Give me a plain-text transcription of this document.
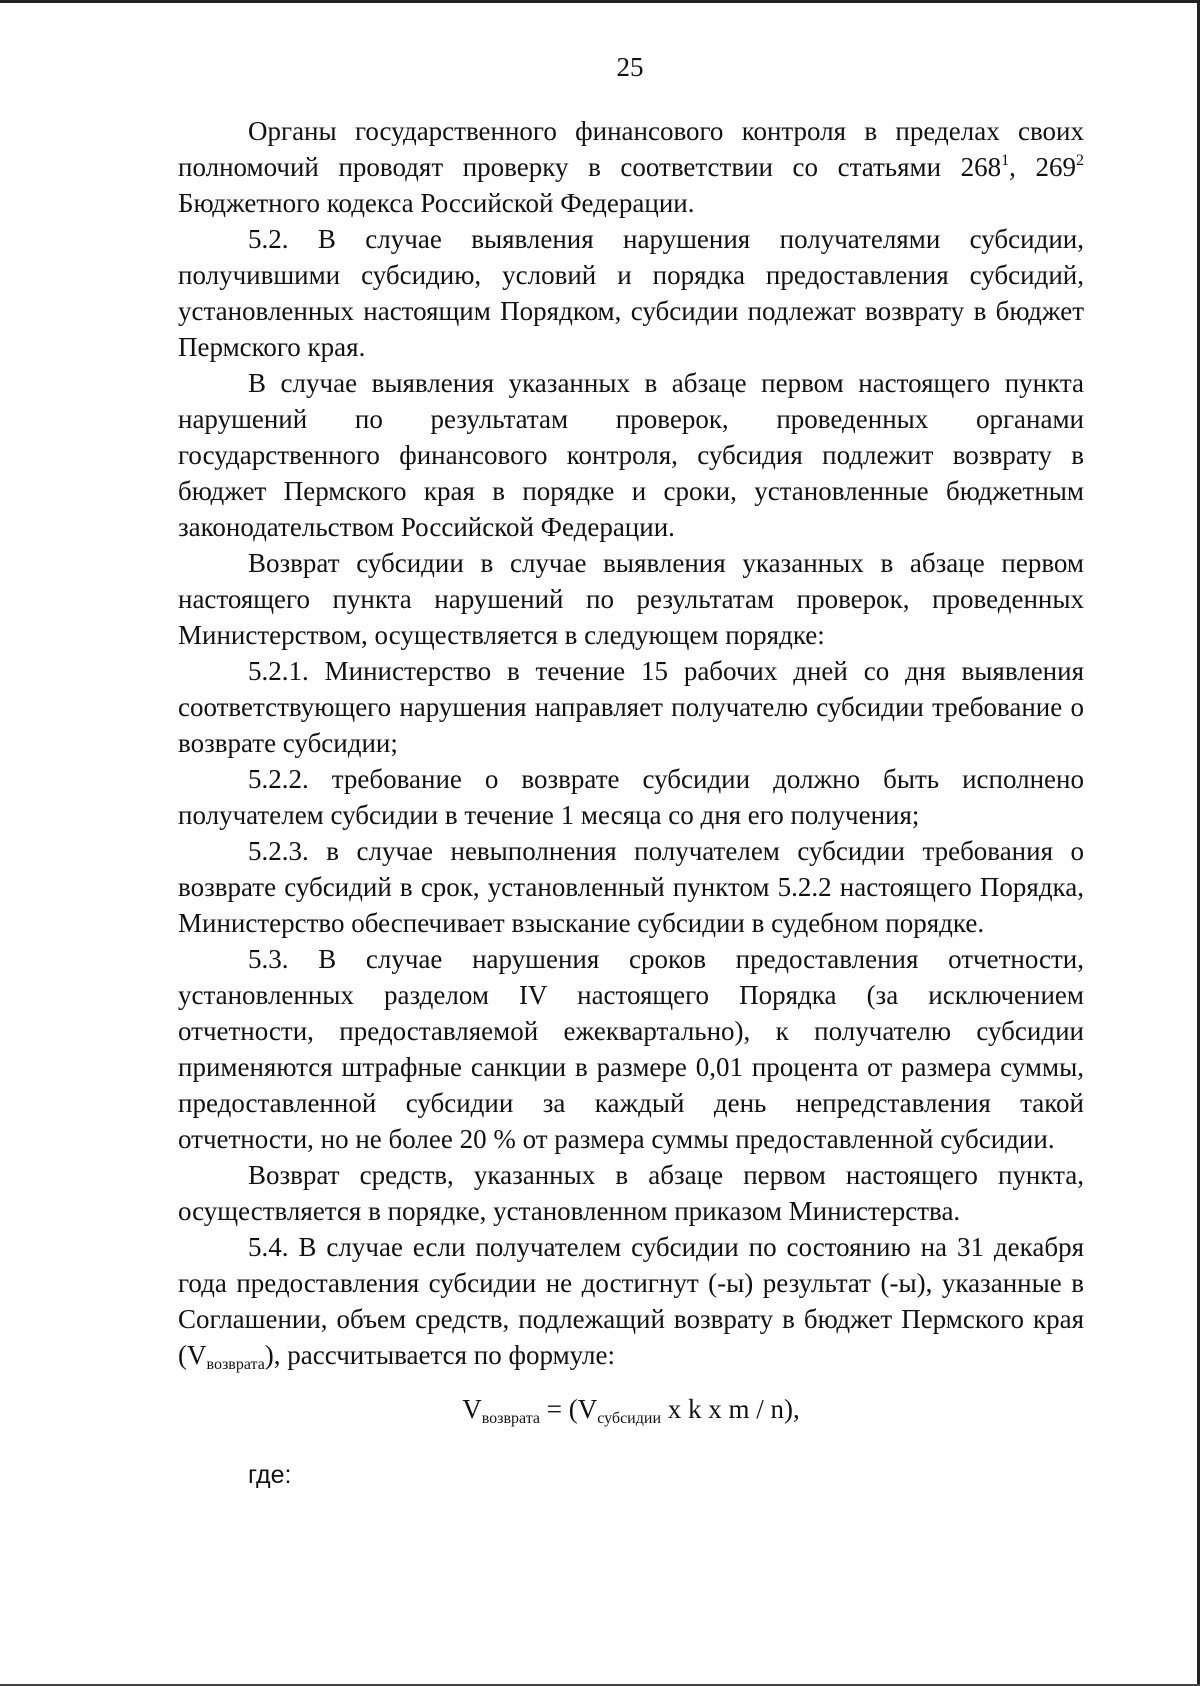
25

Органы государственного финансового контроля в пределах своих полномочий проводят проверку в соответствии со статьями $268^1$, $269^2$ Бюджетного кодекса Российской Федерации.

5.2. В случае выявления нарушения получателями субсидии, получившими субсидию, условий и порядка предоставления субсидий, установленных настоящим Порядком, субсидии подлежат возврату в бюджет Пермского края.

В случае выявления указанных в абзаце первом настоящего пункта нарушений по результатам проверок, проведенных органами государственного финансового контроля, субсидия подлежит возврату в бюджет Пермского края в порядке и сроки, установленные бюджетным законодательством Российской Федерации.

Возврат субсидии в случае выявления указанных в абзаце первом настоящего пункта нарушений по результатам проверок, проведенных Министерством, осуществляется в следующем порядке:

5.2.1. Министерство в течение 15 рабочих дней со дня выявления соответствующего нарушения направляет получателю субсидии требование о возврате субсидии;

5.2.2. требование о возврате субсидии должно быть исполнено получателем субсидии в течение 1 месяца со дня его получения;

5.2.3. в случае невыполнения получателем субсидии требования о возврате субсидий в срок, установленный пунктом 5.2.2 настоящего Порядка, Министерство обеспечивает взыскание субсидии в судебном порядке.

5.3. В случае нарушения сроков предоставления отчетности, установленных разделом IV настоящего Порядка (за исключением отчетности, предоставляемой ежеквартально), к получателю субсидии применяются штрафные санкции в размере 0,01 процента от размера суммы, предоставленной субсидии за каждый день непредставления такой отчетности, но не более 20 % от размера суммы предоставленной субсидии.

Возврат средств, указанных в абзаце первом настоящего пункта, осуществляется в порядке, установленном приказом Министерства.

5.4. В случае если получателем субсидии по состоянию на 31 декабря года предоставления субсидии не достигнут (-ы) результат (-ы), указанные в Соглашении, объем средств, подлежащий возврату в бюджет Пермского края $(V_{возврата})$, рассчитывается по формуле:

$V_{возврата} = (V_{субсидии}$ x k x m / n),
где:
